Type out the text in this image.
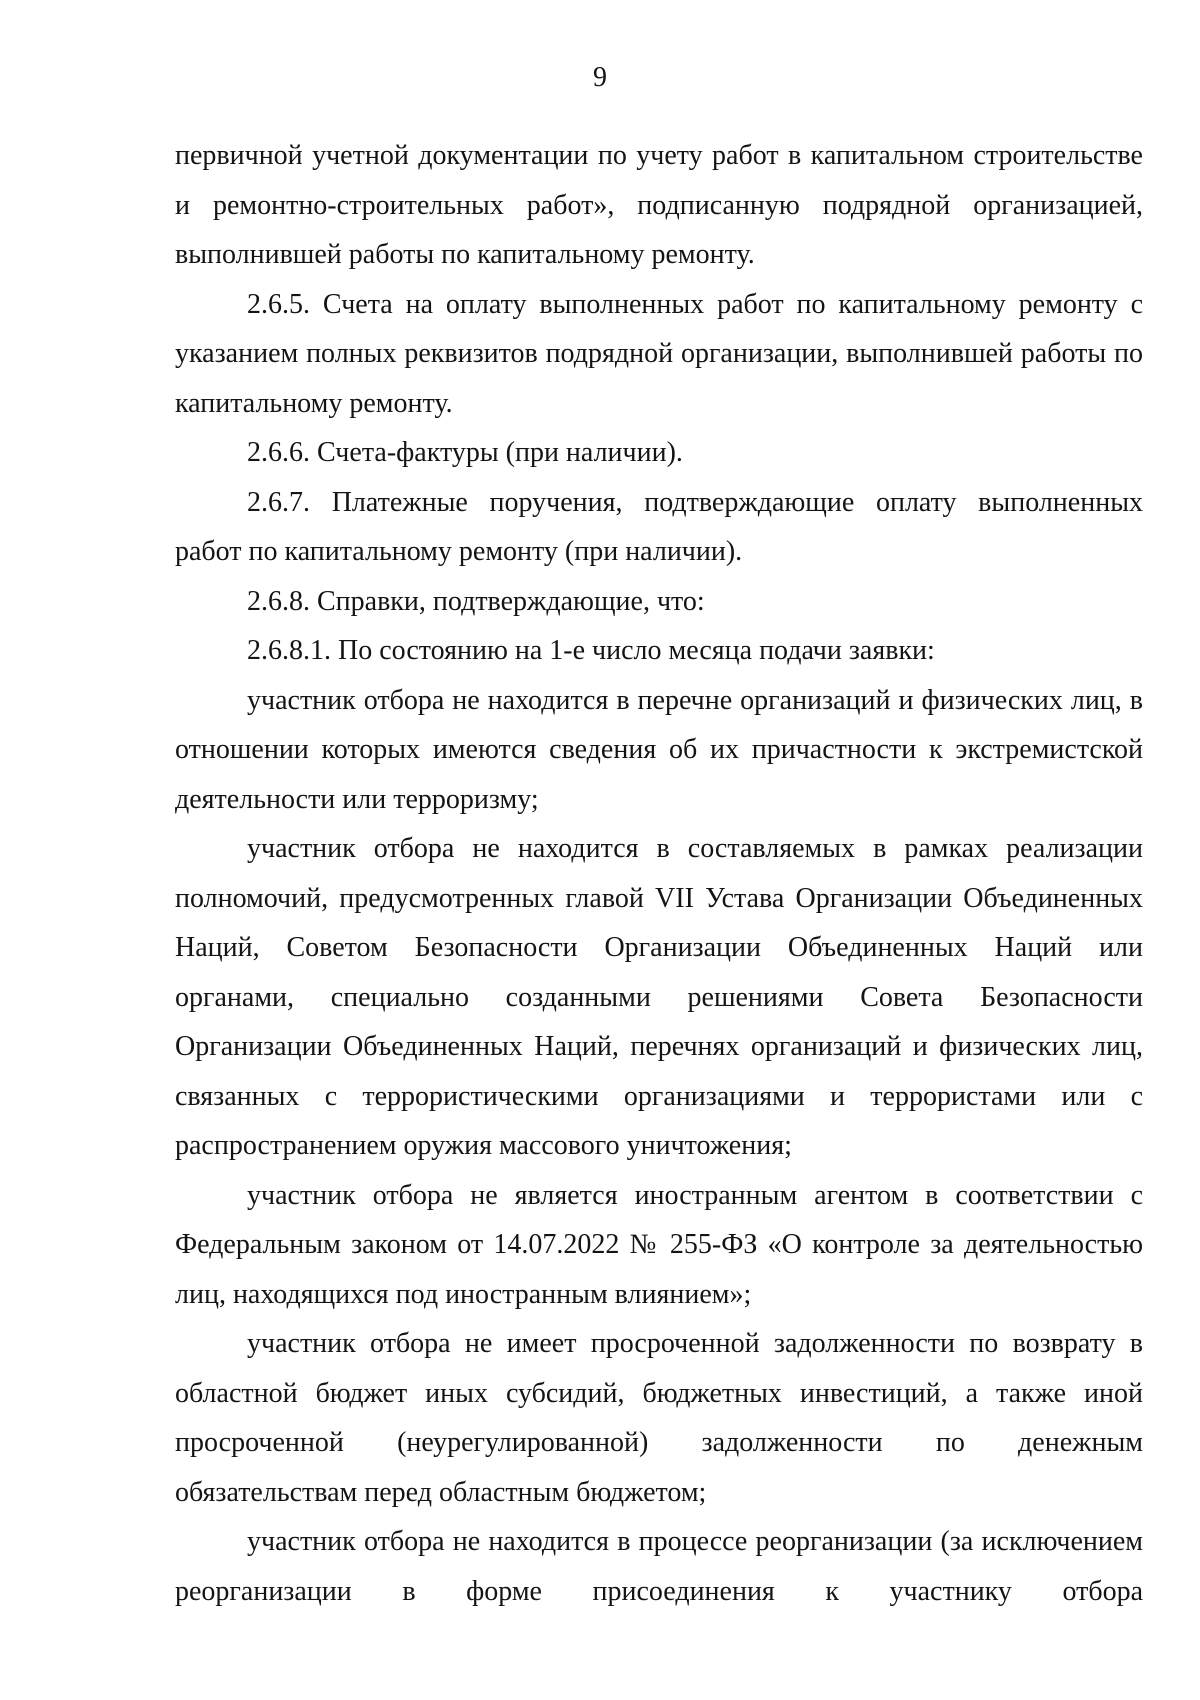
9

первичной учетной документации по учету работ в капитальном строительстве и ремонтно-строительных работ», подписанную подрядной организацией, выполнившей работы по капитальному ремонту.

2.6.5. Счета на оплату выполненных работ по капитальному ремонту с указанием полных реквизитов подрядной организации, выполнившей работы по капитальному ремонту.

2.6.6. Счета-фактуры (при наличии).

2.6.7. Платежные поручения, подтверждающие оплату выполненных работ по капитальному ремонту (при наличии).

2.6.8. Справки, подтверждающие, что:

2.6.8.1. По состоянию на 1-е число месяца подачи заявки:

участник отбора не находится в перечне организаций и физических лиц, в отношении которых имеются сведения об их причастности к экстремистской деятельности или терроризму;

участник отбора не находится в составляемых в рамках реализации полномочий, предусмотренных главой VII Устава Организации Объединенных Наций, Советом Безопасности Организации Объединенных Наций или органами, специально созданными решениями Совета Безопасности Организации Объединенных Наций, перечнях организаций и физических лиц, связанных с террористическими организациями и террористами или с распространением оружия массового уничтожения;

участник отбора не является иностранным агентом в соответствии с Федеральным законом от 14.07.2022 № 255-ФЗ «О контроле за деятельностью лиц, находящихся под иностранным влиянием»;

участник отбора не имеет просроченной задолженности по возврату в областной бюджет иных субсидий, бюджетных инвестиций, а также иной просроченной (неурегулированной) задолженности по денежным обязательствам перед областным бюджетом;

участник отбора не находится в процессе реорганизации (за исключением реорганизации в форме присоединения к участнику отбора
